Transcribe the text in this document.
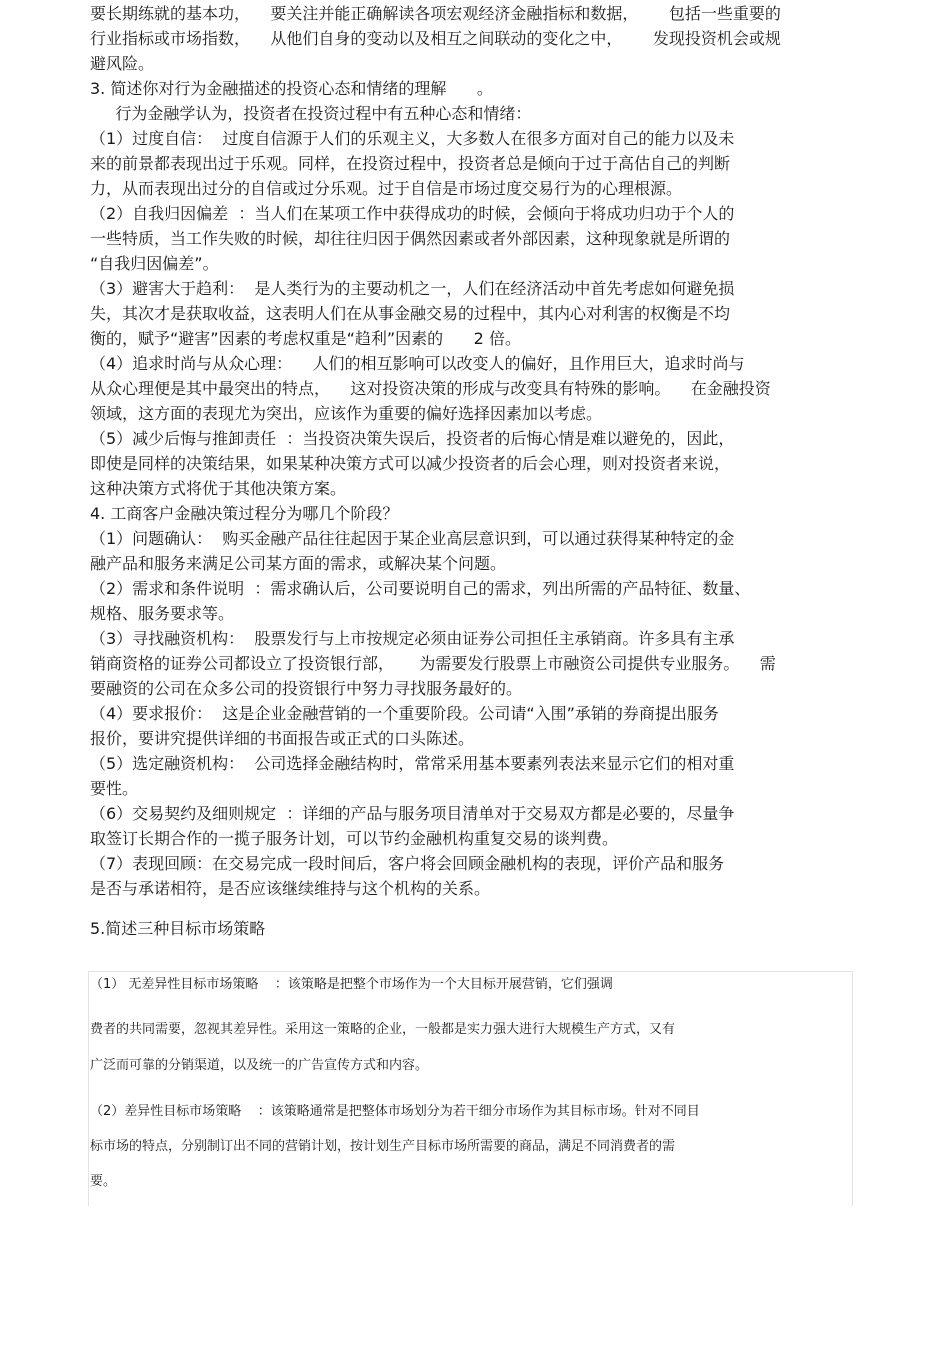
要长期练就的基本功，    要关注并能正确解读各项宏观经济金融指标和数据，      包括一些重要的
行业指标或市场指数，    从他们自身的变动以及相互之间联动的变化之中，      发现投资机会或规
避风险。
3. 简述你对行为金融描述的投资心态和情绪的理解      。
行为金融学认为，投资者在投资过程中有五种心态和情绪：
（1）过度自信：  过度自信源于人们的乐观主义，大多数人在很多方面对自己的能力以及未
来的前景都表现出过于乐观。同样，在投资过程中，投资者总是倾向于过于高估自己的判断
力，从而表现出过分的自信或过分乐观。过于自信是市场过度交易行为的心理根源。
（2）自我归因偏差  ：当人们在某项工作中获得成功的时候，会倾向于将成功归功于个人的
一些特质，当工作失败的时候，却往往归因于偶然因素或者外部因素，这种现象就是所谓的
“自我归因偏差”。
（3）避害大于趋利：  是人类行为的主要动机之一，人们在经济活动中首先考虑如何避免损
失，其次才是获取收益，这表明人们在从事金融交易的过程中，其内心对利害的权衡是不均
衡的，赋予“避害”因素的考虑权重是“趋利”因素的      2 倍。
（4）追求时尚与从众心理：    人们的相互影响可以改变人的偏好，且作用巨大，追求时尚与
从众心理便是其中最突出的特点，    这对投资决策的形成与改变具有特殊的影响。    在金融投资
领域，这方面的表现尤为突出，应该作为重要的偏好选择因素加以考虑。
（5）减少后悔与推卸责任  ：当投资决策失误后，投资者的后悔心情是难以避免的，因此，
即使是同样的决策结果，如果某种决策方式可以减少投资者的后会心理，则对投资者来说，
这种决策方式将优于其他决策方案。
4. 工商客户金融决策过程分为哪几个阶段？
（1）问题确认：  购买金融产品往往起因于某企业高层意识到，可以通过获得某种特定的金
融产品和服务来满足公司某方面的需求，或解决某个问题。
（2）需求和条件说明  ：需求确认后，公司要说明自己的需求，列出所需的产品特征、数量、
规格、服务要求等。
（3）寻找融资机构：  股票发行与上市按规定必须由证券公司担任主承销商。许多具有主承
销商资格的证券公司都设立了投资银行部，     为需要发行股票上市融资公司提供专业服务。    需
要融资的公司在众多公司的投资银行中努力寻找服务最好的。
（4）要求报价：  这是企业金融营销的一个重要阶段。公司请“入围”承销的券商提出服务
报价，要讲究提供详细的书面报告或正式的口头陈述。
（5）选定融资机构：  公司选择金融结构时，常常采用基本要素列表法来显示它们的相对重
要性。
（6）交易契约及细则规定  ：详细的产品与服务项目清单对于交易双方都是必要的，尽量争
取签订长期合作的一揽子服务计划，可以节约金融机构重复交易的谈判费。
（7）表现回顾：在交易完成一段时间后，客户将会回顾金融机构的表现，评价产品和服务
是否与承诺相符，是否应该继续维持与这个机构的关系。
5.简述三种目标市场策略
（1） 无差异性目标市场策略    ：该策略是把整个市场作为一个大目标开展营销，它们强调
费者的共同需要，忽视其差异性。采用这一策略的企业，一般都是实力强大进行大规模生产方式，又有
广泛而可靠的分销渠道，以及统一的广告宣传方式和内容。
（2）差异性目标市场策略    ：该策略通常是把整体市场划分为若干细分市场作为其目标市场。针对不同目
标市场的特点，分别制订出不同的营销计划，按计划生产目标市场所需要的商品，满足不同消费者的需
要。
